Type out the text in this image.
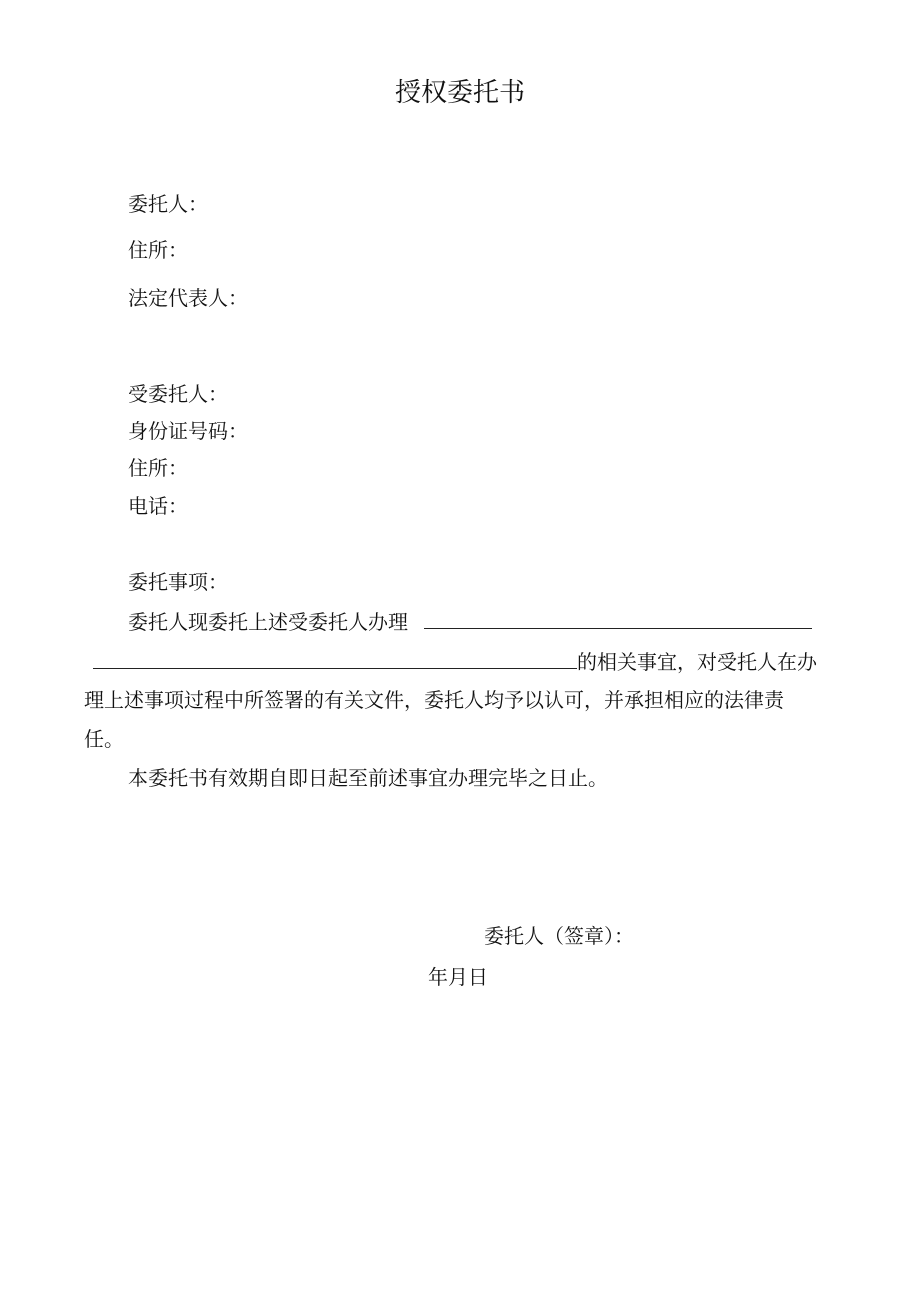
授权委托书
委托人：
住所：
法定代表人：
受委托人：
身份证号码：
住所：
电话：
委托事项：
委托人现委托上述受委托人办理
的相关事宜，对受托人在办
理上述事项过程中所签署的有关文件，委托人均予以认可，并承担相应的法律责
任。
本委托书有效期自即日起至前述事宜办理完毕之日止。
委托人（签章）：
年月日
